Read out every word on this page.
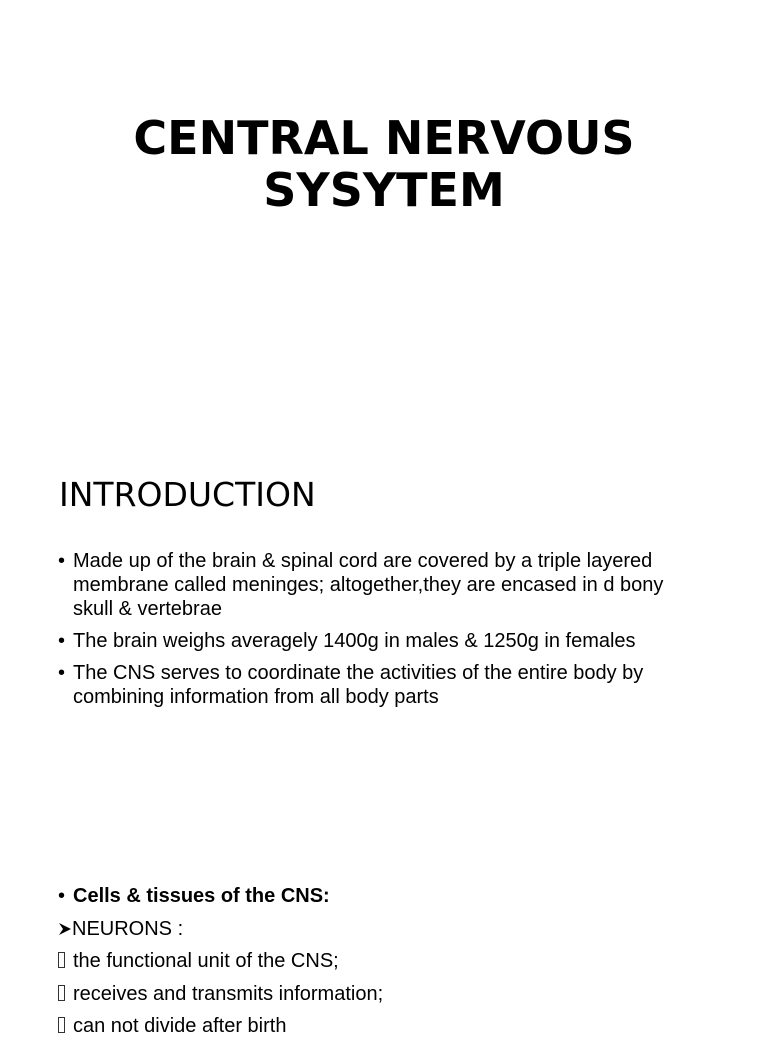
CENTRAL NERVOUS
SYSYTEM
INTRODUCTION
• Made up of the brain & spinal cord are covered by a triple layered membrane called meninges; altogether,they are encased in d bony skull & vertebrae
• The brain weighs averagely 1400g in males & 1250g in females
• The CNS serves to coordinate the activities of the entire body by combining information from all body parts
• Cells & tissues of the CNS:
NEURONS :
the functional unit of the CNS;
receives and transmits information;
can not divide after birth
